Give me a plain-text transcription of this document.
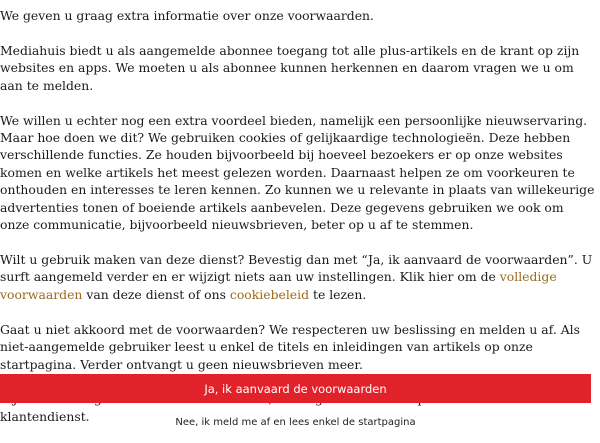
We geven u graag extra informatie over onze voorwaarden.

Mediahuis biedt u als aangemelde abonnee toegang tot alle plus-artikels en de krant op zijn websites en apps. We moeten u als abonnee kunnen herkennen en daarom vragen we u om aan te melden.

We willen u echter nog een extra voordeel bieden, namelijk een persoonlijke nieuwservaring. Maar hoe doen we dit? We gebruiken cookies of gelijkaardige technologieën. Deze hebben verschillende functies. Ze houden bijvoorbeeld bij hoeveel bezoekers er op onze websites komen en welke artikels het meest gelezen worden. Daarnaast helpen ze om voorkeuren te onthouden en interesses te leren kennen. Zo kunnen we u relevante in plaats van willekeurige advertenties tonen of boeiende artikels aanbevelen. Deze gegevens gebruiken we ook om onze communicatie, bijvoorbeeld nieuwsbrieven, beter op u af te stemmen.

Wilt u gebruik maken van deze dienst? Bevestig dan met “Ja, ik aanvaard de voorwaarden”. U surft aangemeld verder en er wijzigt niets aan uw instellingen. Klik hier om de volledige voorwaarden van deze dienst of ons cookiebeleid te lezen.

Gaat u niet akkoord met de voorwaarden? We respecteren uw beslissing en melden u af. Als niet-aangemelde gebruiker leest u enkel de titels en inleidingen van artikels op onze startpagina. Verder ontvangt u geen nieuwsbrieven meer.

klantendienst.

Ja, ik aanvaard de voorwaarden
Nee, ik meld me af en lees enkel de startpagina
